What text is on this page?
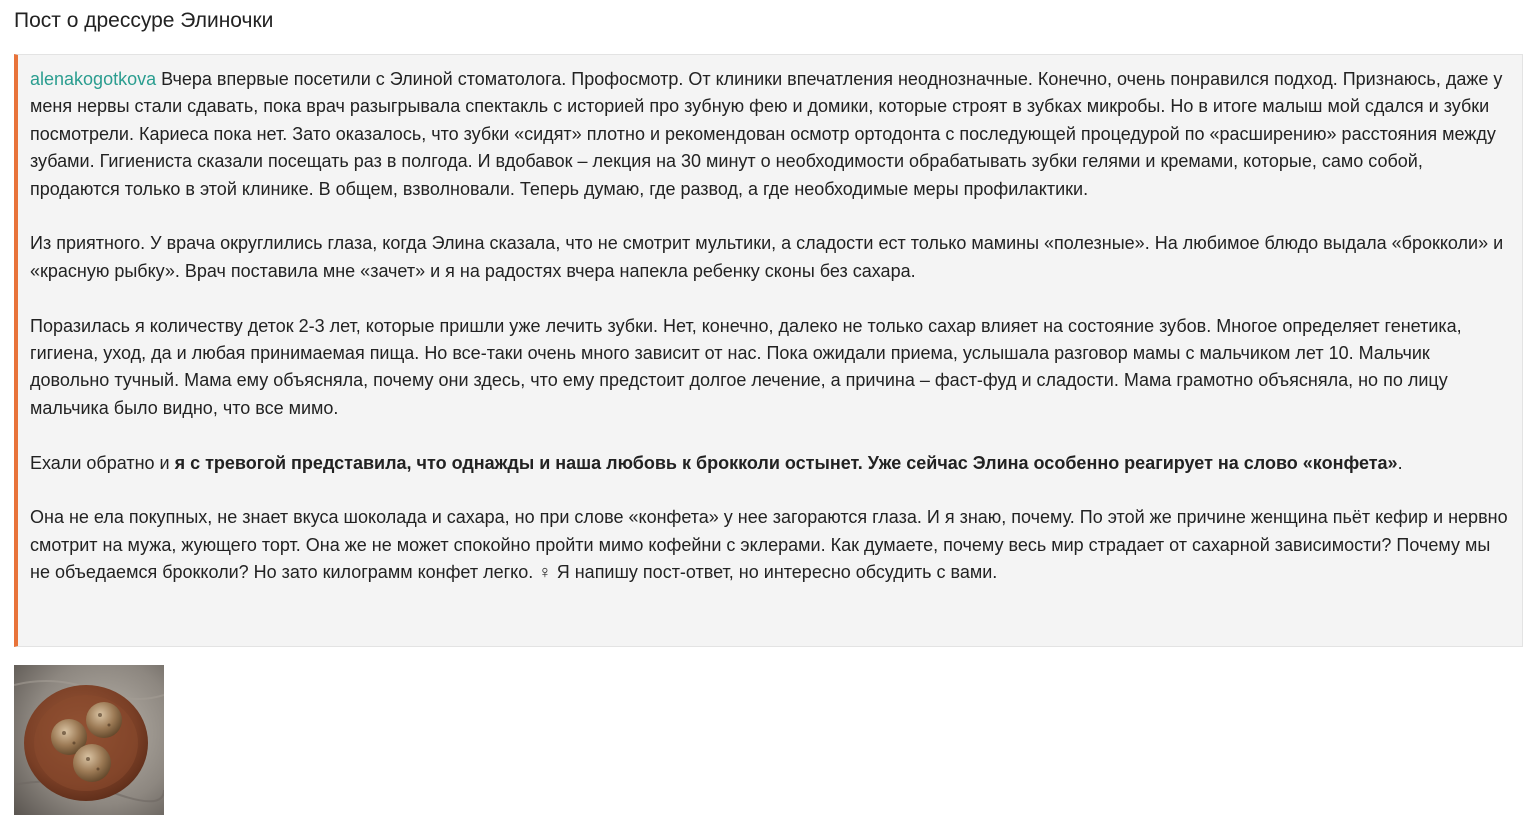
Пост о дрессуре Элиночки

alenakogotkova Вчера впервые посетили с Элиной стоматолога. Профосмотр. От клиники впечатления неоднозначные. Конечно, очень понравился подход. Признаюсь, даже у меня нервы стали сдавать, пока врач разыгрывала спектакль с историей про зубную фею и домики, которые строят в зубках микробы. Но в итоге малыш мой сдался и зубки посмотрели. Кариеса пока нет. Зато оказалось, что зубки «сидят» плотно и рекомендован осмотр ортодонта с последующей процедурой по «расширению» расстояния между зубами. Гигиениста сказали посещать раз в полгода. И вдобавок – лекция на 30 минут о необходимости обрабатывать зубки гелями и кремами, которые, само собой, продаются только в этой клинике. В общем, взволновали. Теперь думаю, где развод, а где необходимые меры профилактики.

Из приятного. У врача округлились глаза, когда Элина сказала, что не смотрит мультики, а сладости ест только мамины «полезные». На любимое блюдо выдала «брокколи» и «красную рыбку». Врач поставила мне «зачет» и я на радостях вчера напекла ребенку сконы без сахара.

Поразилась я количеству деток 2-3 лет, которые пришли уже лечить зубки. Нет, конечно, далеко не только сахар влияет на состояние зубов. Многое определяет генетика, гигиена, уход, да и любая принимаемая пища. Но все-таки очень много зависит от нас. Пока ожидали приема, услышала разговор мамы с мальчиком лет 10. Мальчик довольно тучный. Мама ему объясняла, почему они здесь, что ему предстоит долгое лечение, а причина – фаст-фуд и сладости. Мама грамотно объясняла, но по лицу мальчика было видно, что все мимо.

Ехали обратно и я с тревогой представила, что однажды и наша любовь к брокколи остынет. Уже сейчас Элина особенно реагирует на слово «конфета».

Она не ела покупных, не знает вкуса шоколада и сахара, но при слове «конфета» у нее загораются глаза. И я знаю, почему. По этой же причине женщина пьёт кефир и нервно смотрит на мужа, жующего торт. Она же не может спокойно пройти мимо кофейни с эклерами. Как думаете, почему весь мир страдает от сахарной зависимости? Почему мы не объедаемся брокколи? Но зато килограмм конфет легко. ♀ Я напишу пост-ответ, но интересно обсудить с вами.
